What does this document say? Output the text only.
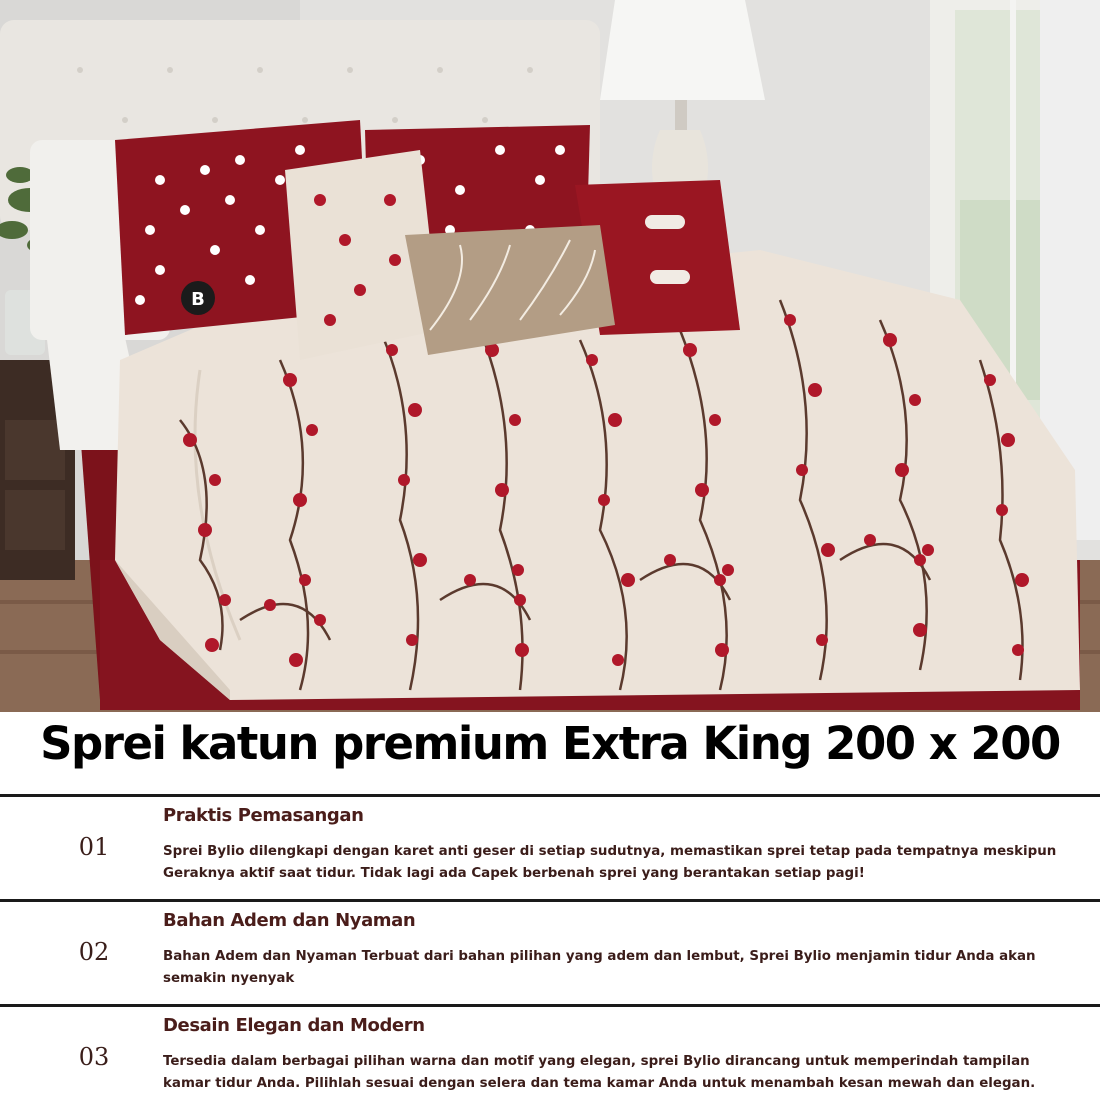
B
Sprei katun premium Extra King 200 x 200
01
Praktis Pemasangan
Sprei Bylio dilengkapi dengan karet anti geser di setiap sudutnya, memastikan sprei tetap pada tempatnya meskipun Geraknya aktif saat tidur. Tidak lagi ada Capek berbenah sprei yang berantakan setiap pagi!
02
Bahan Adem dan Nyaman
Bahan Adem dan Nyaman Terbuat dari bahan pilihan yang adem dan lembut, Sprei Bylio menjamin tidur Anda akan semakin nyenyak
03
Desain Elegan dan Modern
Tersedia dalam berbagai pilihan warna dan motif yang elegan, sprei Bylio dirancang untuk memperindah tampilan kamar tidur Anda. Pilihlah sesuai dengan selera dan tema kamar Anda untuk menambah kesan mewah dan elegan.
